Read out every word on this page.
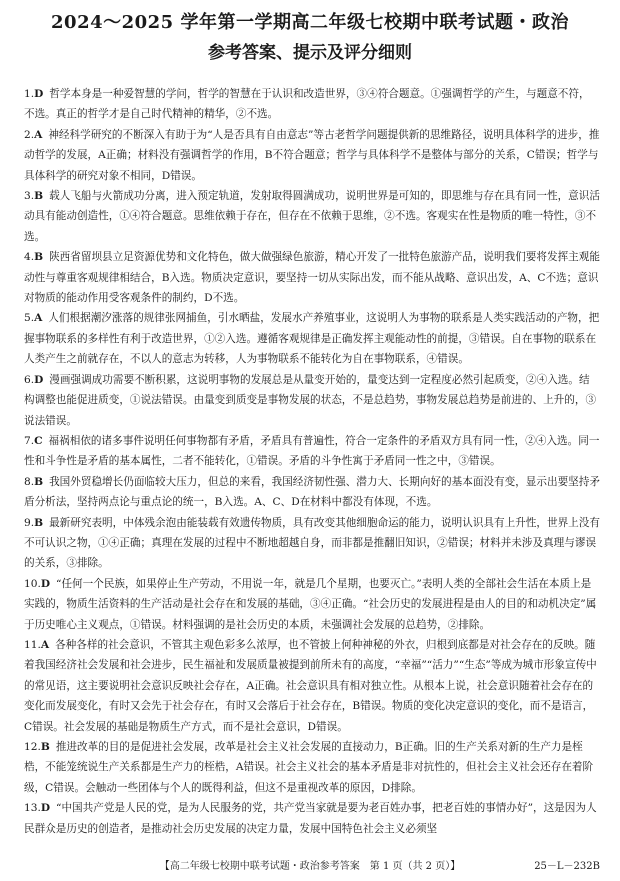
2024～2025 学年第一学期高二年级七校期中联考试题・政治
参考答案、提示及评分细则

1.D 哲学本身是一种爱智慧的学问，哲学的智慧在于认识和改造世界，③④符合题意。①强调哲学的产生，与题意不符，不选。真正的哲学才是自己时代精神的精华，②不选。

2.A 神经科学研究的不断深入有助于为“人是否具有自由意志”等古老哲学问题提供新的思维路径，说明具体科学的进步，推动哲学的发展，A正确；材料没有强调哲学的作用，B不符合题意；哲学与具体科学不是整体与部分的关系，C错误；哲学与具体科学的研究对象不相同，D错误。

3.B 载人飞船与火箭成功分离，进入预定轨道，发射取得圆满成功，说明世界是可知的，即思维与存在具有同一性，意识活动具有能动创造性，①④符合题意。思维依赖于存在，但存在不依赖于思维，②不选。客观实在性是物质的唯一特性，③不选。

4.B 陕西省留坝县立足资源优势和文化特色，做大做强绿色旅游，精心开发了一批特色旅游产品，说明我们要将发挥主观能动性与尊重客观规律相结合，B入选。物质决定意识，要坚持一切从实际出发，而不能从战略、意识出发，A、C不选；意识对物质的能动作用受客观条件的制约，D不选。

5.A 人们根据潮汐涨落的规律张网捕鱼，引水晒盐，发展水产养殖事业，这说明人为事物的联系是人类实践活动的产物，把握事物联系的多样性有利于改造世界，①②入选。遵循客观规律是正确发挥主观能动性的前提，③错误。自在事物的联系在人类产生之前就存在，不以人的意志为转移，人为事物联系不能转化为自在事物联系，④错误。

6.D 漫画强调成功需要不断积累，这说明事物的发展总是从量变开始的，量变达到一定程度必然引起质变，②④入选。结构调整也能促进质变，①说法错误。由量变到质变是事物发展的状态，不是总趋势，事物发展总趋势是前进的、上升的，③说法错误。

7.C 福祸相依的诸多事件说明任何事物都有矛盾，矛盾具有普遍性，符合一定条件的矛盾双方具有同一性，②④入选。同一性和斗争性是矛盾的基本属性，二者不能转化，①错误。矛盾的斗争性寓于矛盾同一性之中，③错误。

8.B 我国外贸稳增长仍面临较大压力，但总的来看，我国经济韧性强、潜力大、长期向好的基本面没有变，显示出要坚持矛盾分析法，坚持两点论与重点论的统一，B入选。A、C、D在材料中都没有体现，不选。

9.B 最新研究表明，中体残余泡由能装载有效遗传物质，具有改变其他细胞命运的能力，说明认识具有上升性，世界上没有不可认识之物，①④正确；真理在发展的过程中不断地超越自身，而非都是推翻旧知识，②错误；材料并未涉及真理与谬误的关系，③排除。

10.D “任何一个民族，如果停止生产劳动，不用说一年，就是几个星期，也要灭亡。”表明人类的全部社会生活在本质上是实践的，物质生活资料的生产活动是社会存在和发展的基础，③④正确。“社会历史的发展进程是由人的目的和动机决定”属于历史唯心主义观点，①错误。材料强调的是社会历史的本质，未强调社会发展的总趋势，②排除。

11.A 各种各样的社会意识，不管其主观色彩多么浓厚，也不管披上何种神秘的外衣，归根到底都是对社会存在的反映。随着我国经济社会发展和社会进步，民生福祉和发展质量被提到前所未有的高度，“幸福”“活力”“生态”等成为城市形象宣传中的常见语，这主要说明社会意识反映社会存在，A正确。社会意识具有相对独立性。从根本上说，社会意识随着社会存在的变化而发展变化，有时又会先于社会存在，有时又会落后于社会存在，B错误。物质的变化决定意识的变化，而不是语言，C错误。社会发展的基础是物质生产方式，而不是社会意识，D错误。

12.B 推进改革的目的是促进社会发展，改革是社会主义社会发展的直接动力，B正确。旧的生产关系对新的生产力是桎梏，不能笼统说生产关系都是生产力的桎梏，A错误。社会主义社会的基本矛盾是非对抗性的，但社会主义社会还存在着阶级，C错误。会触动一些团体与个人的既得利益，但这不是重视改革的原因，D排除。

13.D “中国共产党是人民的党，是为人民服务的党，共产党当家就是要为老百姓办事，把老百姓的事情办好”，这是因为人民群众是历史的创造者，是推动社会历史发展的决定力量，发展中国特色社会主义必须坚

【高二年级七校期中联考试题・政治参考答案　第 1 页（共 2 页）】	25－L－232B
